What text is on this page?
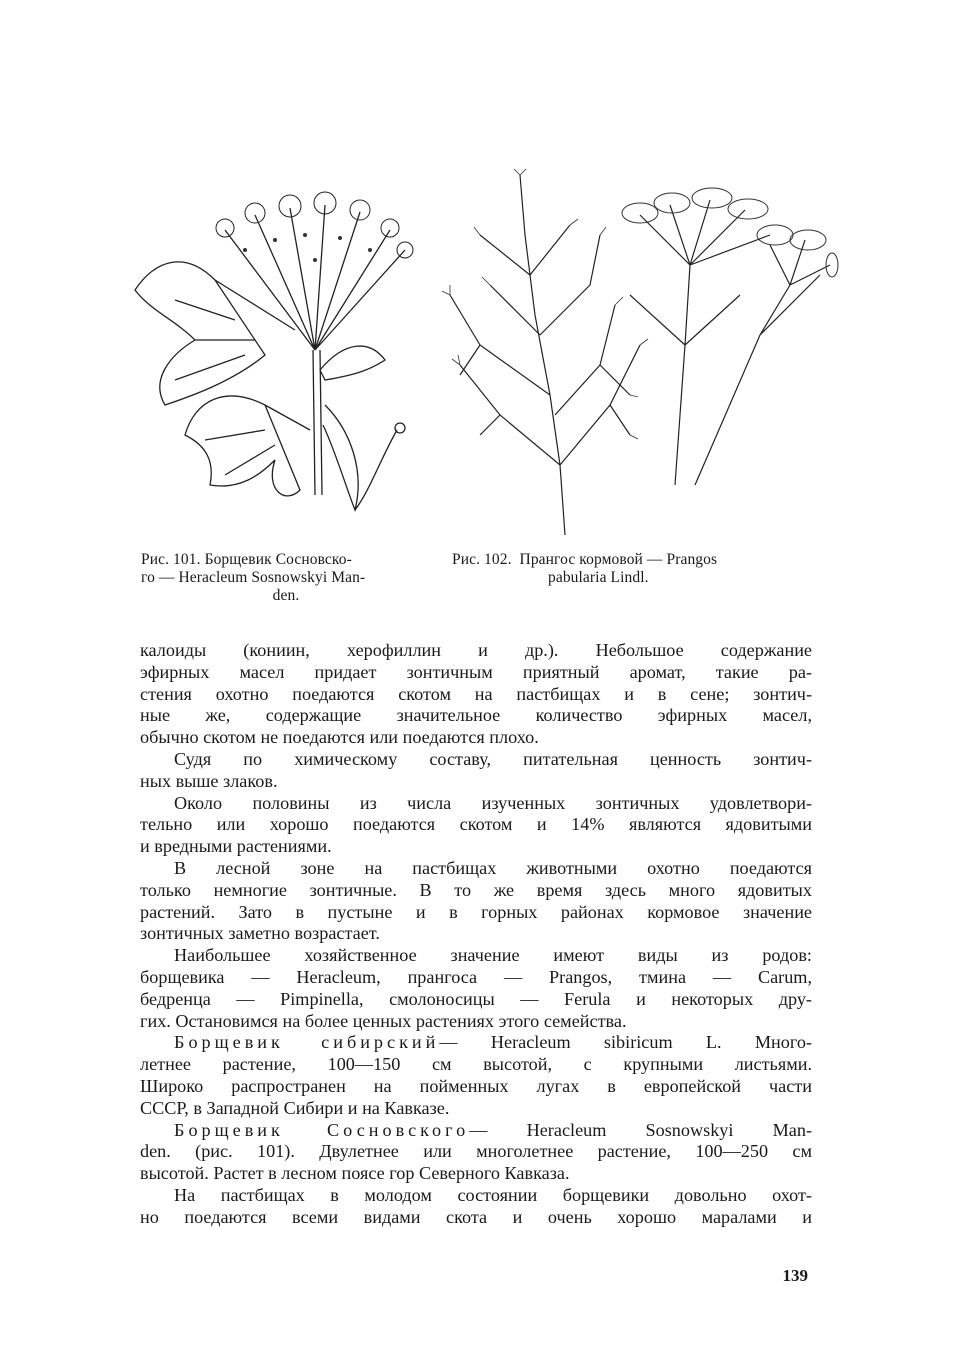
Рис. 101. Борщевик Сосновско-
го — Heracleum Sosnowskyi Man-
den.
Рис. 102. Прангос кормовой — Prangos
pabularia Lindl.
калоиды (кониин, херофиллин и др.). Небольшое содержание
эфирных масел придает зонтичным приятный аромат, такие ра-
стения охотно поедаются скотом на пастбищах и в сене; зонтич-
ные же, содержащие значительное количество эфирных масел,
обычно скотом не поедаются или поедаются плохо.
Судя по химическому составу, питательная ценность зонтич-
ных выше злаков.
Около половины из числа изученных зонтичных удовлетвори-
тельно или хорошо поедаются скотом и 14% являются ядовитыми
и вредными растениями.
В лесной зоне на пастбищах животными охотно поедаются
только немногие зонтичные. В то же время здесь много ядовитых
растений. Зато в пустыне и в горных районах кормовое значение
зонтичных заметно возрастает.
Наибольшее хозяйственное значение имеют виды из родов:
борщевика — Heracleum, прангоса — Prangos, тмина — Carum,
бедренца — Pimpinella, смолоносицы — Ferula и некоторых дру-
гих. Остановимся на более ценных растениях этого семейства.
Борщевик сибирский— Heracleum sibiricum L. Много-
летнее растение, 100—150 см высотой, с крупными листьями.
Широко распространен на пойменных лугах в европейской части
СССР, в Западной Сибири и на Кавказе.
Борщевик Сосновского— Heracleum Sosnowskyi Man-
den. (рис. 101). Двулетнее или многолетнее растение, 100—250 см
высотой. Растет в лесном поясе гор Северного Кавказа.
На пастбищах в молодом состоянии борщевики довольно охот-
но поедаются всеми видами скота и очень хорошо маралами и
139
